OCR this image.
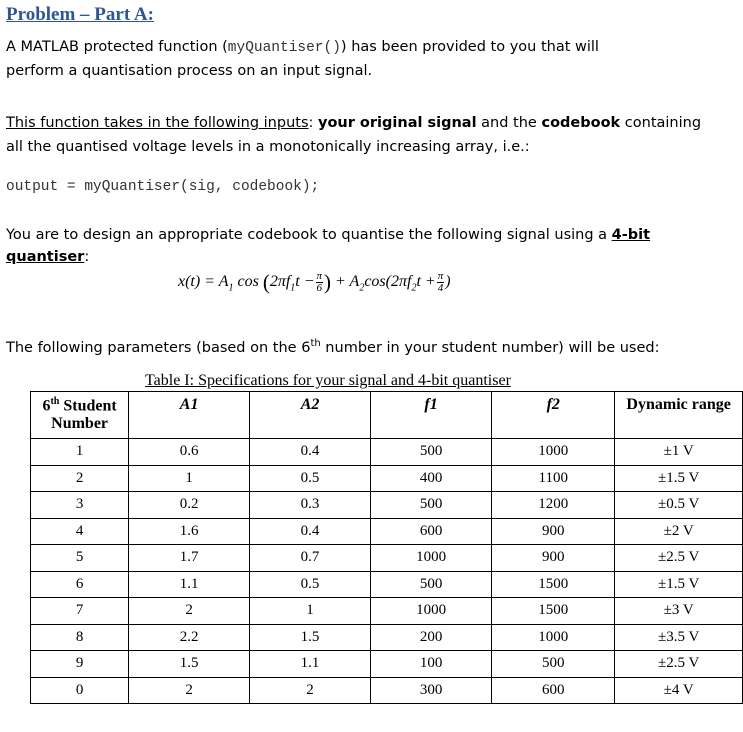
Problem – Part A:
A MATLAB protected function (myQuantiser()) has been provided to you that will
perform a quantisation process on an input signal.
This function takes in the following inputs: your original signal and the codebook containing
all the quantised voltage levels in a monotonically increasing array, i.e.:
output = myQuantiser(sig, codebook);
You are to design an appropriate codebook to quantise the following signal using a 4-bit
quantiser:
$x(t) = A_1$ $\cos (2\pi f_1t - \frac{\pi}{6}$ ) + $A_2\cos(2\pi f_2t + \frac{\pi}{4}$ )
The following parameters (based on the 6th number in your student number) will be used:
Table I: Specifications for your signal and 4-bit quantiser
6th Student Number	A1	A2	f1	f2	Dynamic range
1	0.6	0.4	500	1000	±1 V
2	1	0.5	400	1100	±1.5 V
3	0.2	0.3	500	1200	±0.5 V
4	1.6	0.4	600	900	±2 V
5	1.7	0.7	1000	900	±2.5 V
6	1.1	0.5	500	1500	±1.5 V
7	2	1	1000	1500	±3 V
8	2.2	1.5	200	1000	±3.5 V
9	1.5	1.1	100	500	±2.5 V
0	2	2	300	600	±4 V
